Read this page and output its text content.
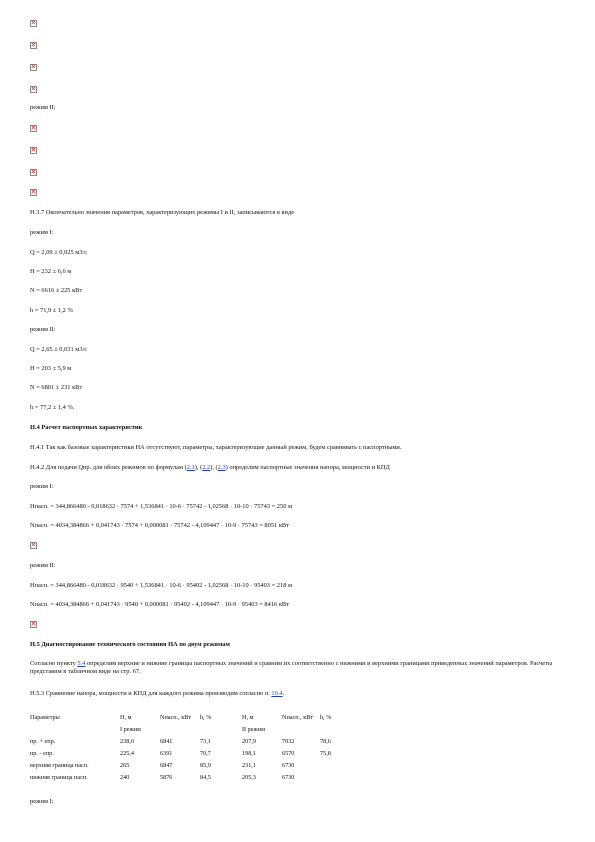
✕
✕
✕
✕
режим II;
✕
✕
✕
✕
Н.3.7 Окончательно значения параметров, характеризующих режимы I и II, записываются в виде
режим I:
Q = 2,09 ± 0,025 м3/с
H = 232 ± 6,6 м
N = 6616 ± 225 кВт
h = 71,9 ± 1,2 %
режим II:
Q = 2,65 ± 0,031 м3/с
H = 203 ± 5,9 м
N = 6801 ± 231 кВт
h = 77,2 ± 1,4 %.
Н.4 Расчет паспортных характеристик
Н.4.1 Так как базовые характеристики НА отсутствуют, параметры, характеризующие данный режим, будем сравнивать с паспортными.
Н.4.2 Для подачи Qпр. для обоих режимов по формулам (2.1), (2.2), (2.3) определим паспортные значения напора, мощности и КПД
режим I:
Нпасп. = 344,866480 - 0,018632 · 7574 + 1,536841 · 10-6 · 75742 - 1,02568 · 10-10 · 75743 = 250 м
Nпасп. = 4034,384866 + 0,041743 · 7574 + 0,000081 · 75742 - 4,109447 · 10-9 · 75743 = 8051 кВт
✕
режим II:
Нпасп. = 344,866480 - 0,018632 · 9540 + 1,536841 · 10-6 · 95402 - 1,02568 · 10-10 · 95403 = 218 м
Nпасп. = 4034,384866 + 0,041743 · 9540 + 0,000081 · 95402 - 4,109447 · 10-9 · 95403 = 8416 кВт
✕
Н.5 Диагностирование технического состояния НА по двум режимам
Согласно пункту 5.4 определим верхние и нижние границы паспортных значений и сравним их соответственно с нижними и верхними границами приведенных значений параметров. Расчеты представим в табличном виде на стр. 67.
Н.5.3 Сравнение напора, мощности и КПД для каждого режима производим согласно п. 10.4.
Параметры	Н, м	Nпасп., кВт	h, %	Н, м	Nпасп., кВт	h, %
	I режим			II режим		
пр. + eпр.	238,0	6841	73,1	207,9	7032	78,6
пр. - eпр.	225,4	6391	70,7	198,1	6570	75,8
верхняя граница пасп.	265	6847	85,9	231,1	6730	
нижняя граница пасп.	240	5876	84,5	205,3	6730	
режим I;
